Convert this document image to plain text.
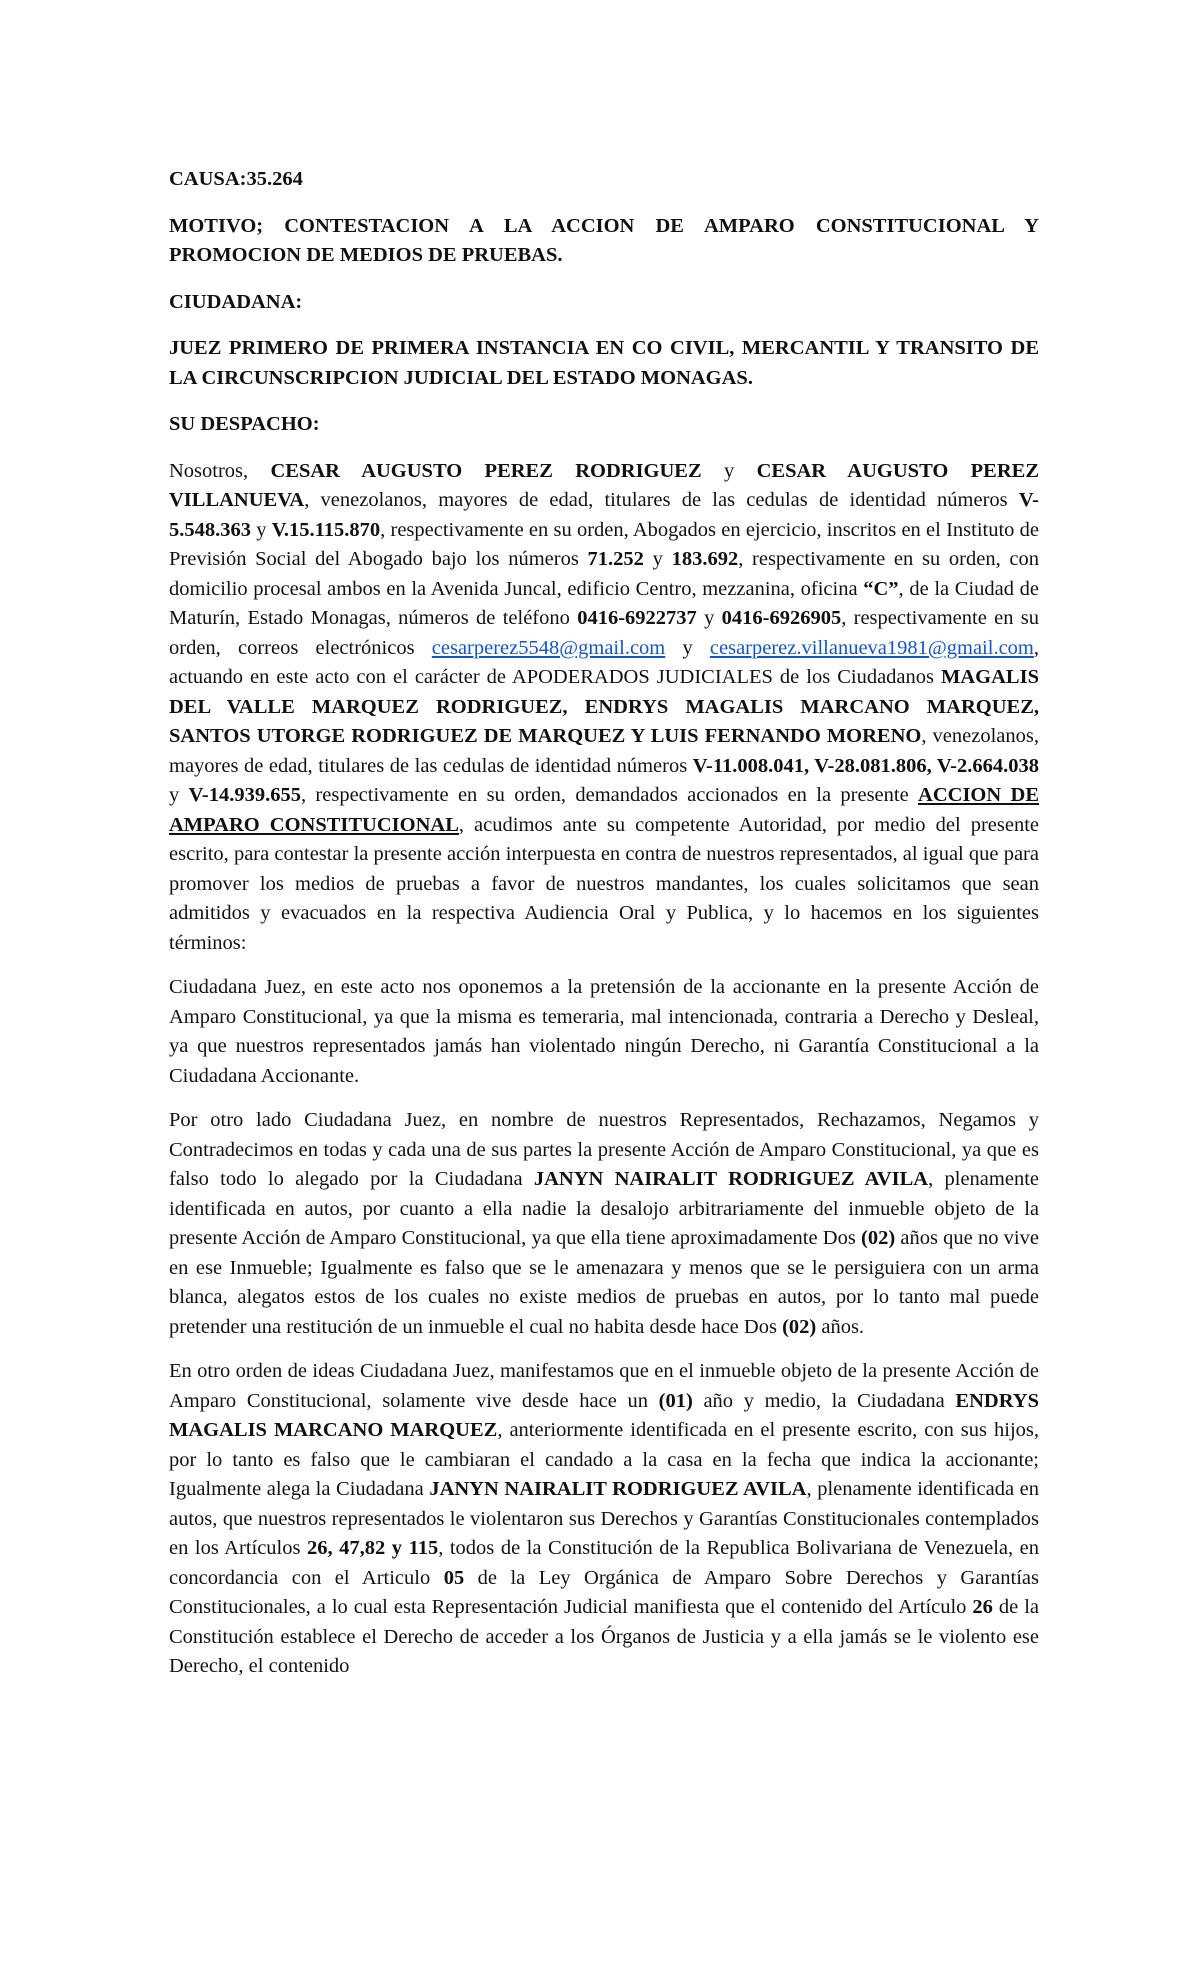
CAUSA:35.264

MOTIVO; CONTESTACION A LA ACCION DE AMPARO CONSTITUCIONAL Y PROMOCION DE MEDIOS DE PRUEBAS.

CIUDADANA:

JUEZ PRIMERO DE PRIMERA INSTANCIA EN CO CIVIL, MERCANTIL Y TRANSITO DE LA CIRCUNSCRIPCION JUDICIAL DEL ESTADO MONAGAS.

SU DESPACHO:

Nosotros, CESAR AUGUSTO PEREZ RODRIGUEZ y CESAR AUGUSTO PEREZ VILLANUEVA, venezolanos, mayores de edad, titulares de las cedulas de identidad números V-5.548.363 y V.15.115.870, respectivamente en su orden, Abogados en ejercicio, inscritos en el Instituto de Previsión Social del Abogado bajo los números 71.252 y 183.692, respectivamente en su orden, con domicilio procesal ambos en la Avenida Juncal, edificio Centro, mezzanina, oficina “C”, de la Ciudad de Maturín, Estado Monagas, números de teléfono 0416-6922737 y 0416-6926905, respectivamente en su orden, correos electrónicos cesarperez5548@gmail.com y cesarperez.villanueva1981@gmail.com, actuando en este acto con el carácter de APODERADOS JUDICIALES de los Ciudadanos MAGALIS DEL VALLE MARQUEZ RODRIGUEZ, ENDRYS MAGALIS MARCANO MARQUEZ, SANTOS UTORGE RODRIGUEZ DE MARQUEZ Y LUIS FERNANDO MORENO, venezolanos, mayores de edad, titulares de las cedulas de identidad números V-11.008.041, V-28.081.806, V-2.664.038 y V-14.939.655, respectivamente en su orden, demandados accionados en la presente ACCION DE AMPARO CONSTITUCIONAL, acudimos ante su competente Autoridad, por medio del presente escrito, para contestar la presente acción interpuesta en contra de nuestros representados, al igual que para promover los medios de pruebas a favor de nuestros mandantes, los cuales solicitamos que sean admitidos y evacuados en la respectiva Audiencia Oral y Publica, y lo hacemos en los siguientes términos:

Ciudadana Juez, en este acto nos oponemos a la pretensión de la accionante en la presente Acción de Amparo Constitucional, ya que la misma es temeraria, mal intencionada, contraria a Derecho y Desleal, ya que nuestros representados jamás han violentado ningún Derecho, ni Garantía Constitucional a la Ciudadana Accionante.

Por otro lado Ciudadana Juez, en nombre de nuestros Representados, Rechazamos, Negamos y Contradecimos en todas y cada una de sus partes la presente Acción de Amparo Constitucional, ya que es falso todo lo alegado por la Ciudadana JANYN NAIRALIT RODRIGUEZ AVILA, plenamente identificada en autos, por cuanto a ella nadie la desalojo arbitrariamente del inmueble objeto de la presente Acción de Amparo Constitucional, ya que ella tiene aproximadamente Dos (02) años que no vive en ese Inmueble; Igualmente es falso que se le amenazara y menos que se le persiguiera con un arma blanca, alegatos estos de los cuales no existe medios de pruebas en autos, por lo tanto mal puede pretender una restitución de un inmueble el cual no habita desde hace Dos (02) años.

En otro orden de ideas Ciudadana Juez, manifestamos que en el inmueble objeto de la presente Acción de Amparo Constitucional, solamente vive desde hace un (01) año y medio, la Ciudadana ENDRYS MAGALIS MARCANO MARQUEZ, anteriormente identificada en el presente escrito, con sus hijos, por lo tanto es falso que le cambiaran el candado a la casa en la fecha que indica la accionante; Igualmente alega la Ciudadana JANYN NAIRALIT RODRIGUEZ AVILA, plenamente identificada en autos, que nuestros representados le violentaron sus Derechos y Garantías Constitucionales contemplados en los Artículos 26, 47,82 y 115, todos de la Constitución de la Republica Bolivariana de Venezuela, en concordancia con el Articulo 05 de la Ley Orgánica de Amparo Sobre Derechos y Garantías Constitucionales, a lo cual esta Representación Judicial manifiesta que el contenido del Artículo 26 de la Constitución establece el Derecho de acceder a los Órganos de Justicia y a ella jamás se le violento ese Derecho, el contenido
